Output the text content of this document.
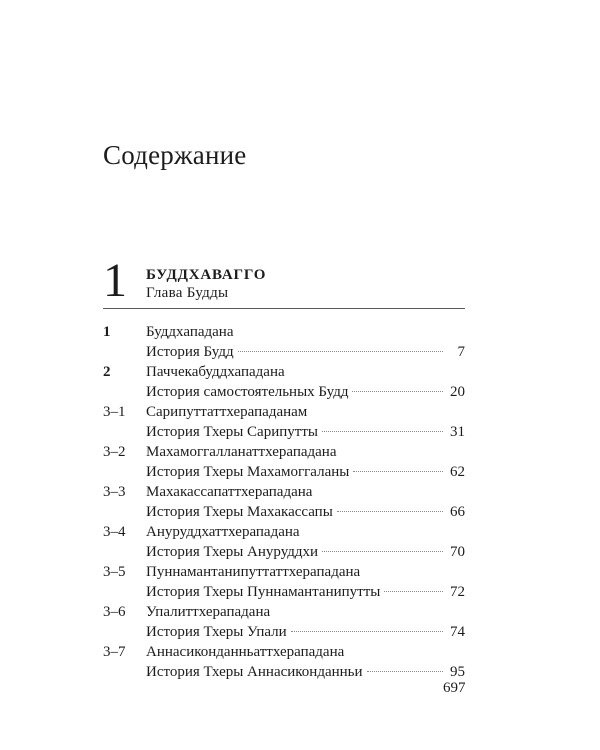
Содержание
1 БУДДХАВАГГО
Глава Будды
1	Буддхападана
История Будд	7
2	Паччекабуддхападана
История самостоятельных Будд	20
3–1	Сарипуттаттхерападанам
История Тхеры Сарипутты	31
3–2	Махамоггалланаттхерападана
История Тхеры Махамоггаланы	62
3–3	Махакассапаттхерападана
История Тхеры Махакассапы	66
3–4	Ануруддхаттхерападана
История Тхеры Ануруддхи	70
3–5	Пуннамантанипуттаттхерападана
История Тхеры Пуннамантанипутты	72
3–6	Упалиттхерападана
История Тхеры Упали	74
3–7	Аннасиконданньаттхерападана
История Тхеры Аннасиконданньи	95
697
